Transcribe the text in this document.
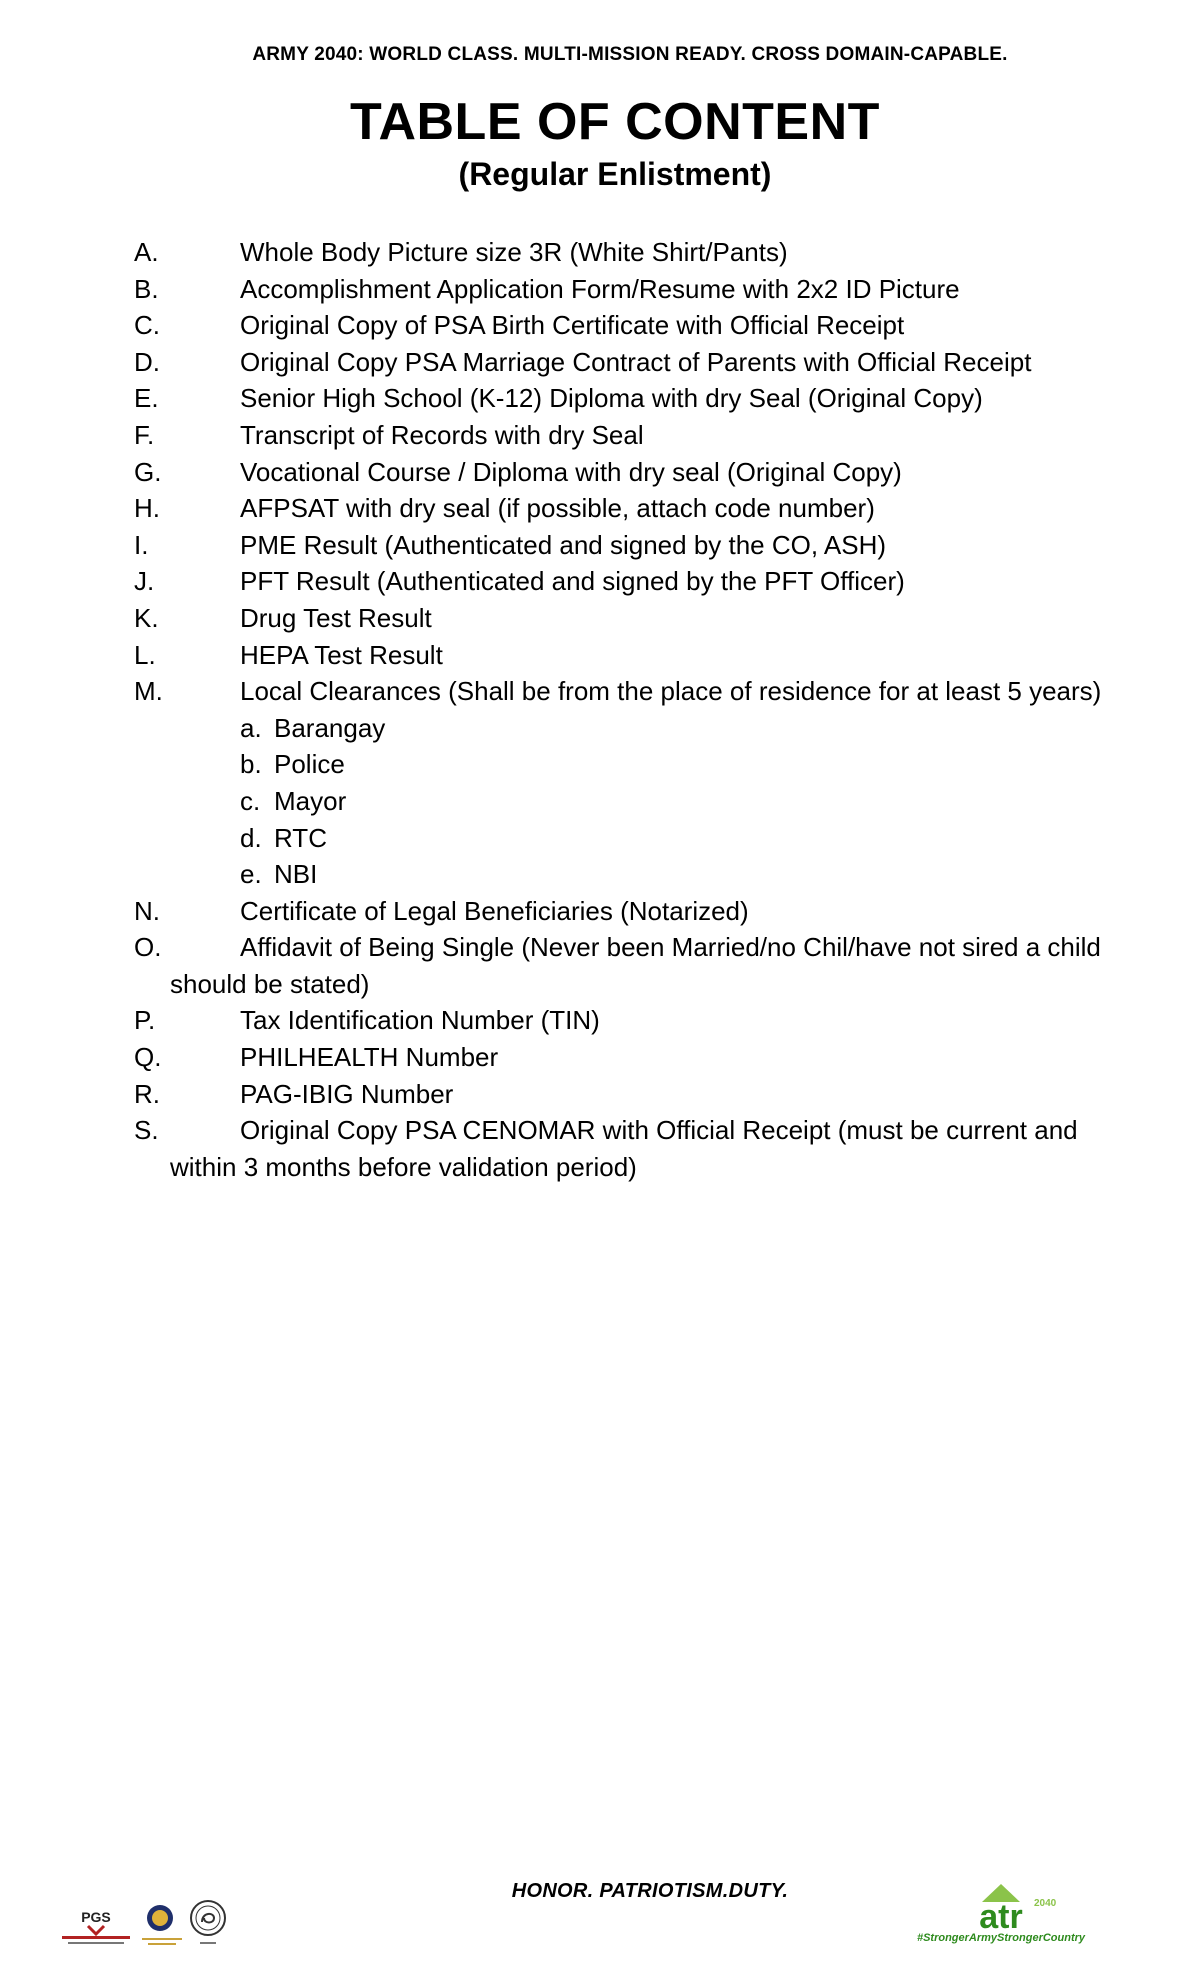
ARMY 2040: WORLD CLASS. MULTI-MISSION READY. CROSS DOMAIN-CAPABLE.
TABLE OF CONTENT
(Regular Enlistment)
A.	Whole Body Picture size 3R (White Shirt/Pants)
B.	Accomplishment Application Form/Resume with 2x2 ID Picture
C.	Original Copy of PSA Birth Certificate with Official Receipt
D.	Original Copy PSA Marriage Contract of Parents with Official Receipt
E.	Senior High School (K-12) Diploma with dry Seal (Original Copy)
F.	Transcript of Records with dry Seal
G.	Vocational Course / Diploma with dry seal (Original Copy)
H.	AFPSAT with dry seal (if possible, attach code number)
I.	PME Result (Authenticated and signed by the CO, ASH)
J.	PFT Result (Authenticated and signed by the PFT Officer)
K.	Drug Test Result
L.	HEPA Test Result
M.	Local Clearances (Shall be from the place of residence for at least 5 years)
a. Barangay
b. Police
c. Mayor
d. RTC
e. NBI
N.	Certificate of Legal Beneficiaries (Notarized)
O.	Affidavit of Being Single (Never been Married/no Chil/have not sired a child should be stated)
P.	Tax Identification Number (TIN)
Q.	PHILHEALTH Number
R.	PAG-IBIG Number
S.	Original Copy PSA CENOMAR with Official Receipt (must be current and within 3 months before validation period)
HONOR. PATRIOTISM.DUTY.
PGS	atr 2040
#StrongerArmyStrongerCountry
